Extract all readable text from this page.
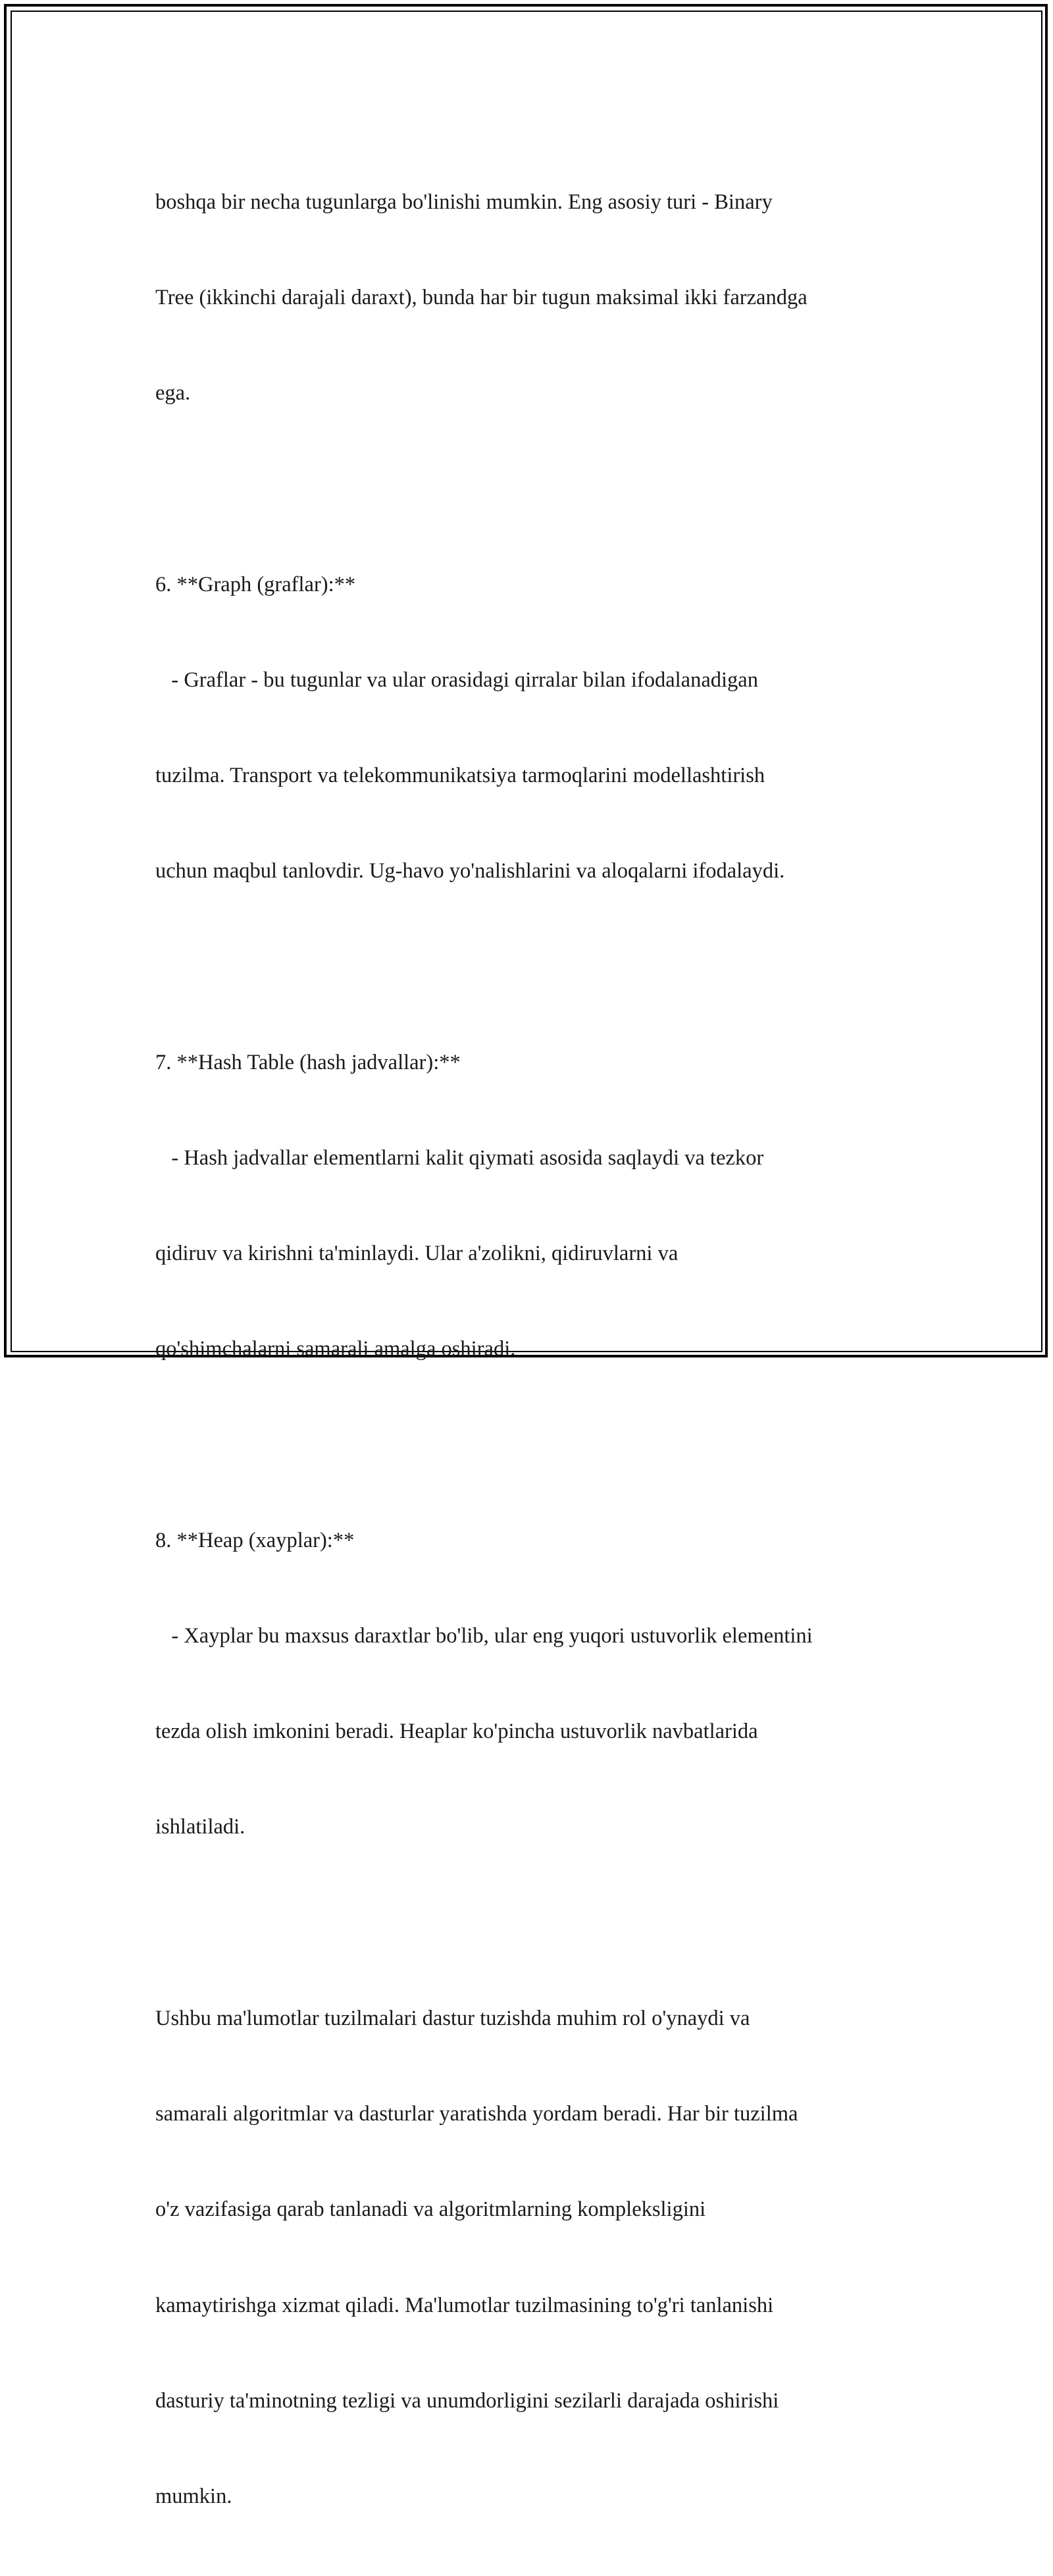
boshqa bir necha tugunlarga bo'linishi mumkin. Eng asosiy turi - Binary

Tree (ikkinchi darajali daraxt), bunda har bir tugun maksimal ikki farzandga

ega.

6. **Graph (graflar):**

- Graflar - bu tugunlar va ular orasidagi qirralar bilan ifodalanadigan

tuzilma. Transport va telekommunikatsiya tarmoqlarini modellashtirish

uchun maqbul tanlovdir. Ug-havo yo'nalishlarini va aloqalarni ifodalaydi.

7. **Hash Table (hash jadvallar):**

- Hash jadvallar elementlarni kalit qiymati asosida saqlaydi va tezkor

qidiruv va kirishni ta'minlaydi. Ular a'zolikni, qidiruvlarni va

qo'shimchalarni samarali amalga oshiradi.

8. **Heap (xayplar):**

- Xayplar bu maxsus daraxtlar bo'lib, ular eng yuqori ustuvorlik elementini

tezda olish imkonini beradi. Heaplar ko'pincha ustuvorlik navbatlarida

ishlatiladi.

Ushbu ma'lumotlar tuzilmalari dastur tuzishda muhim rol o'ynaydi va

samarali algoritmlar va dasturlar yaratishda yordam beradi. Har bir tuzilma

o'z vazifasiga qarab tanlanadi va algoritmlarning kompleksligini

kamaytirishga xizmat qiladi. Ma'lumotlar tuzilmasining to'g'ri tanlanishi

dasturiy ta'minotning tezligi va unumdorligini sezilarli darajada oshirishi

mumkin.
